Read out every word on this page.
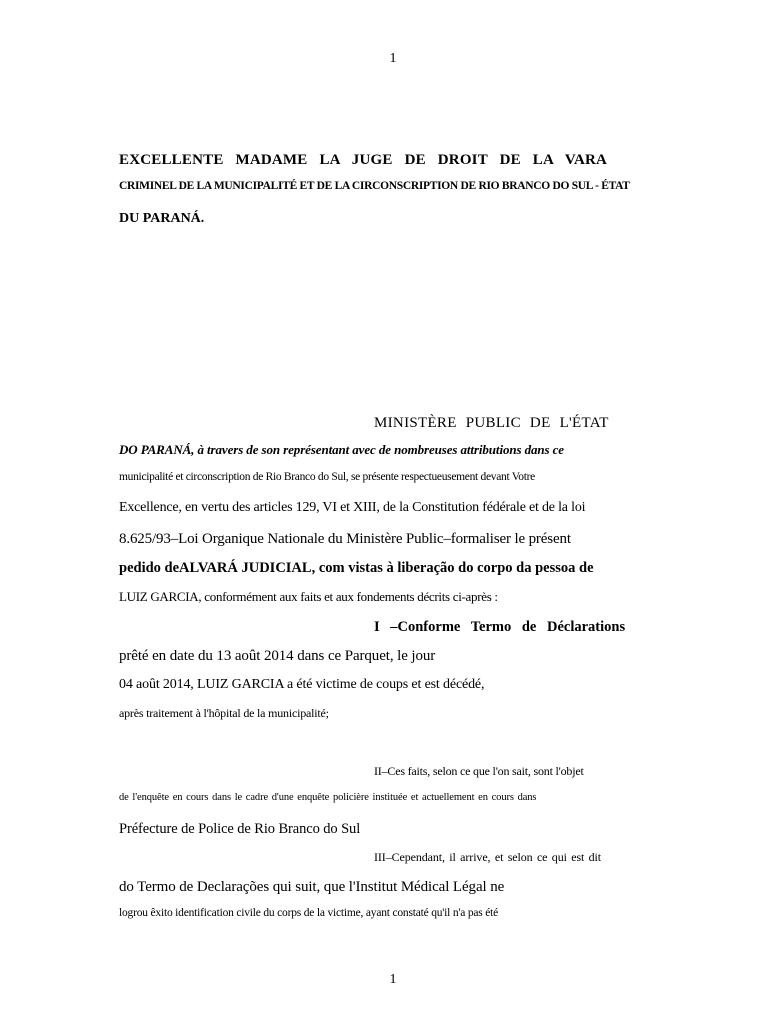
1
EXCELLENTE MADAME LA JUGE DE DROIT DE LA VARA
CRIMINEL DE LA MUNICIPALITÉ ET DE LA CIRCONSCRIPTION DE RIO BRANCO DO SUL - ÉTAT
DU PARANÁ.
MINISTÈRE PUBLIC DE L'ÉTAT
DO PARANÁ, à travers de son représentant avec de nombreuses attributions dans ce
municipalité et circonscription de Rio Branco do Sul, se présente respectueusement devant Votre
Excellence, en vertu des articles 129, VI et XIII, de la Constitution fédérale et de la loi
8.625/93–Loi Organique Nationale du Ministère Public–formaliser le présent
pedido deALVARÁ JUDICIAL, com vistas à liberação do corpo da pessoa de
LUIZ GARCIA, conformément aux faits et aux fondements décrits ci-après :
I –Conforme Termo de Déclarations
prêté en date du 13 août 2014 dans ce Parquet, le jour
04 août 2014, LUIZ GARCIA a été victime de coups et est décédé,
après traitement à l'hôpital de la municipalité;
II–Ces faits, selon ce que l'on sait, sont l'objet
de l'enquête en cours dans le cadre d'une enquête policière instituée et actuellement en cours dans
Préfecture de Police de Rio Branco do Sul
III–Cependant, il arrive, et selon ce qui est dit
do Termo de Declarações qui suit, que l'Institut Médical Légal ne
logrou êxito identification civile du corps de la victime, ayant constaté qu'il n'a pas été
1
